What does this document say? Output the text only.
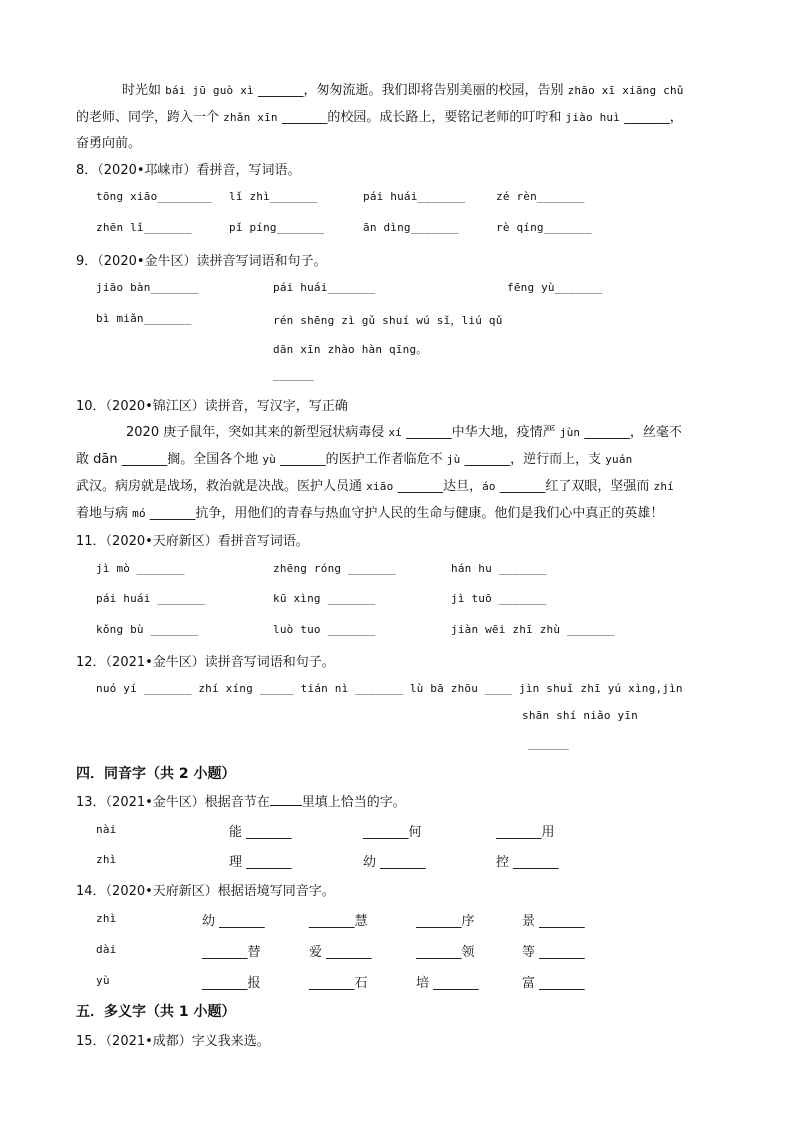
时光如 bái jū guò xì _______，匆匆流逝。我们即将告别美丽的校园，告别 zhāo xī xiāng chǔ
的老师、同学，跨入一个 zhǎn xīn _______的校园。成长路上，要铭记老师的叮咛和 jiào huì _______，
奋勇向前。
8．（2020•邛崃市）看拼音，写词语。
tōng xiāo________ lǐ zhì_______	pái huái_______	zé rèn_______
zhēn lǐ_______	pǐ píng_______	ān dìng_______	rè qíng_______
9．（2020•金牛区）读拼音写词语和句子。
jiāo bàn_______	pái huái_______	fēng yù_______
bì miǎn_______	rén shēng zì gǔ shuí wú sǐ，liú qǔ
dān xīn zhào hàn qīng。
______
10．（2020•锦江区）读拼音，写汉字，写正确
2020 庚子鼠年，突如其来的新型冠状病毒侵 xí _______中华大地，疫情严 jùn _______，丝毫不
敢 dān _______搁。全国各个地 yù _______的医护工作者临危不 jù _______，逆行而上，支 yuán
武汉。病房就是战场，救治就是决战。医护人员通 xiāo _______达旦，áo _______红了双眼，坚强而 zhí
着地与病 mó _______抗争，用他们的青春与热血守护人民的生命与健康。他们是我们心中真正的英雄！
11．（2020•天府新区）看拼音写词语。
jì mò _______	zhēng róng _______	hán hu _______
pái huái _______	kū xìng _______	jì tuō _______
kǒng bù _______	luò tuo _______	jiàn wēi zhī zhù _______
12．（2021•金牛区）读拼音写词语和句子。
nuó yí _______ zhí xíng _____ tián nì _______ lù bā zhōu ____ jìn shuǐ zhī yú xìng,jìn
shān shí niǎo yīn
______
四．同音字（共 2 小题）
13．（2021•金牛区）根据音节在 里填上恰当的字。
nài	能 _______	_______何	_______用
zhì	理 _______	幼 _______	控 _______
14．（2020•天府新区）根据语境写同音字。
zhì	幼 _______	_______慧	_______序	景 _______
dài	_______替	爱 _______	_______领	等 _______
yù	_______报	_______石	培 _______	富 _______
五．多义字（共 1 小题）
15．（2021•成都）字义我来选。
